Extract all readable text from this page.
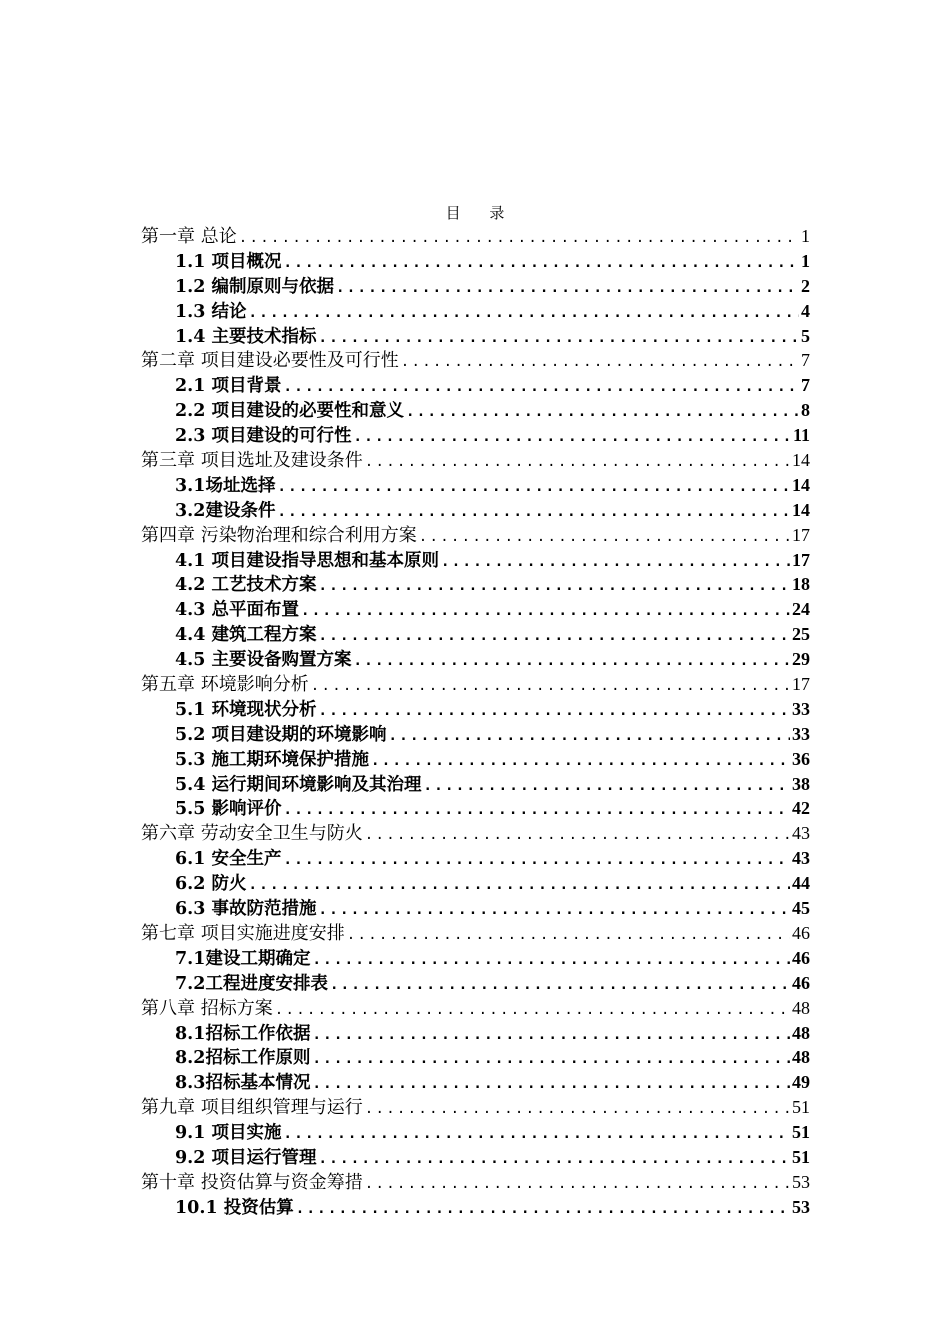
目 录
第一章 总论 .....	1
1.1 项目概况 .....	1
1.2 编制原则与依据 .....	2
1.3 结论 .....	4
1.4 主要技术指标 .....	5
第二章 项目建设必要性及可行性 .....	7
2.1 项目背景 .....	7
2.2 项目建设的必要性和意义 .....	8
2.3 项目建设的可行性 .....	11
第三章 项目选址及建设条件 .....	14
3.1场址选择 .....	14
3.2建设条件 .....	14
第四章 污染物治理和综合利用方案 .....	17
4.1 项目建设指导思想和基本原则 .....	17
4.2 工艺技术方案 .....	18
4.3 总平面布置 .....	24
4.4 建筑工程方案 .....	25
4.5 主要设备购置方案 .....	29
第五章 环境影响分析 .....	17
5.1 环境现状分析 .....	33
5.2 项目建设期的环境影响 .....	33
5.3 施工期环境保护措施 .....	36
5.4 运行期间环境影响及其治理 .....	38
5.5 影响评价 .....	42
第六章 劳动安全卫生与防火 .....	43
6.1 安全生产 .....	43
6.2 防火 .....	44
6.3 事故防范措施 .....	45
第七章 项目实施进度安排 .....	46
7.1建设工期确定 .....	46
7.2工程进度安排表 .....	46
第八章 招标方案 .....	48
8.1招标工作依据 .....	48
8.2招标工作原则 .....	48
8.3招标基本情况 .....	49
第九章 项目组织管理与运行 .....	51
9.1 项目实施 .....	51
9.2 项目运行管理 .....	51
第十章 投资估算与资金筹措 .....	53
10.1 投资估算 .....	53
